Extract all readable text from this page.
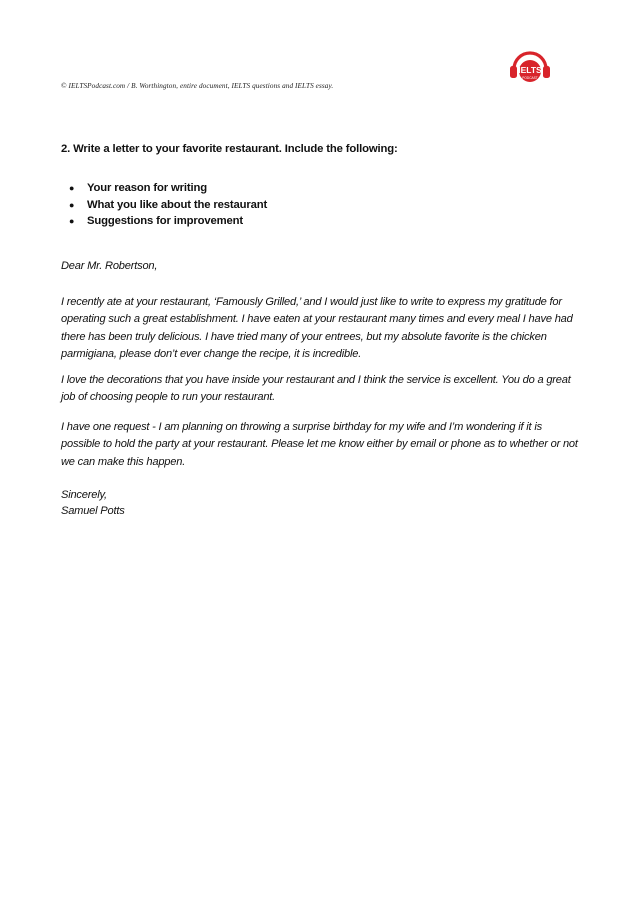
© IELTSPodcast.com / B. Worthington, entire document, IELTS questions and IELTS essay.
IELTS
PODCAST
2. Write a letter to your favorite restaurant. Include the following:
●	Your reason for writing
●	What you like about the restaurant
●	Suggestions for improvement

Dear Mr. Robertson,

I recently ate at your restaurant, ‘Famously Grilled,’ and I would just like to write to express my gratitude for operating such a great establishment. I have eaten at your restaurant many times and every meal I have had there has been truly delicious. I have tried many of your entrees, but my absolute favorite is the chicken parmigiana, please don’t ever change the recipe, it is incredible.

I love the decorations that you have inside your restaurant and I think the service is excellent. You do a great job of choosing people to run your restaurant.

I have one request - I am planning on throwing a surprise birthday for my wife and I’m wondering if it is possible to hold the party at your restaurant. Please let me know either by email or phone as to whether or not we can make this happen.

Sincerely,

Samuel Potts
